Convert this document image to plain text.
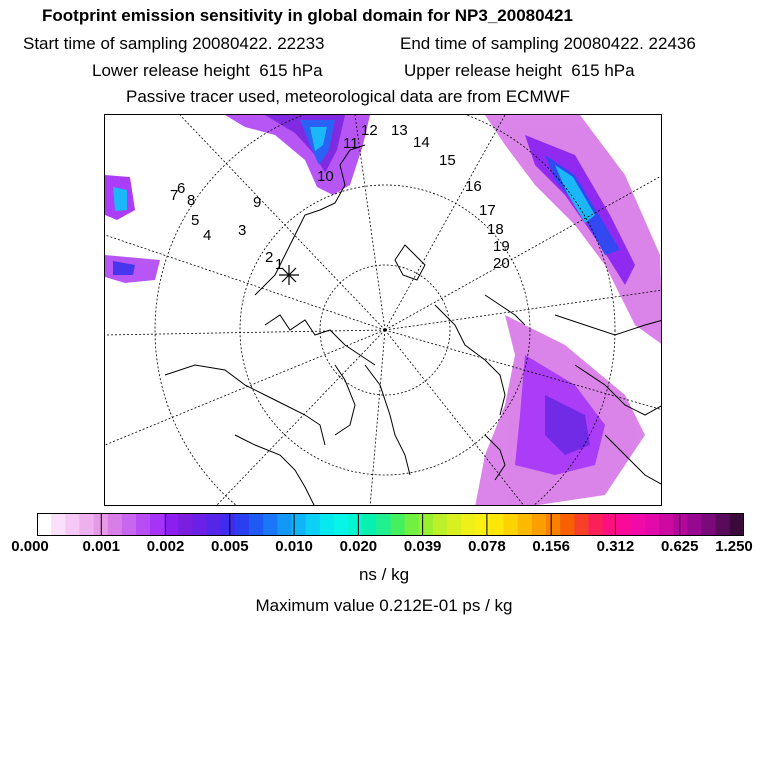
Footprint emission sensitivity in global domain for NP3_20080421
Start time of sampling 20080422. 22233	End time of sampling 20080422. 22436
Lower release height  615 hPa	Upper release height  615 hPa
Passive tracer used, meteorological data are from ECMWF
1
2
3
4
5
6
7 8	9
10
11
12 13
14
15
16
17
18
19
20
0.000 0.001 0.002 0.005 0.010 0.020 0.039 0.078 0.156 0.312 0.625 1.250
ns / kg
Maximum value 0.212E-01 ps / kg
